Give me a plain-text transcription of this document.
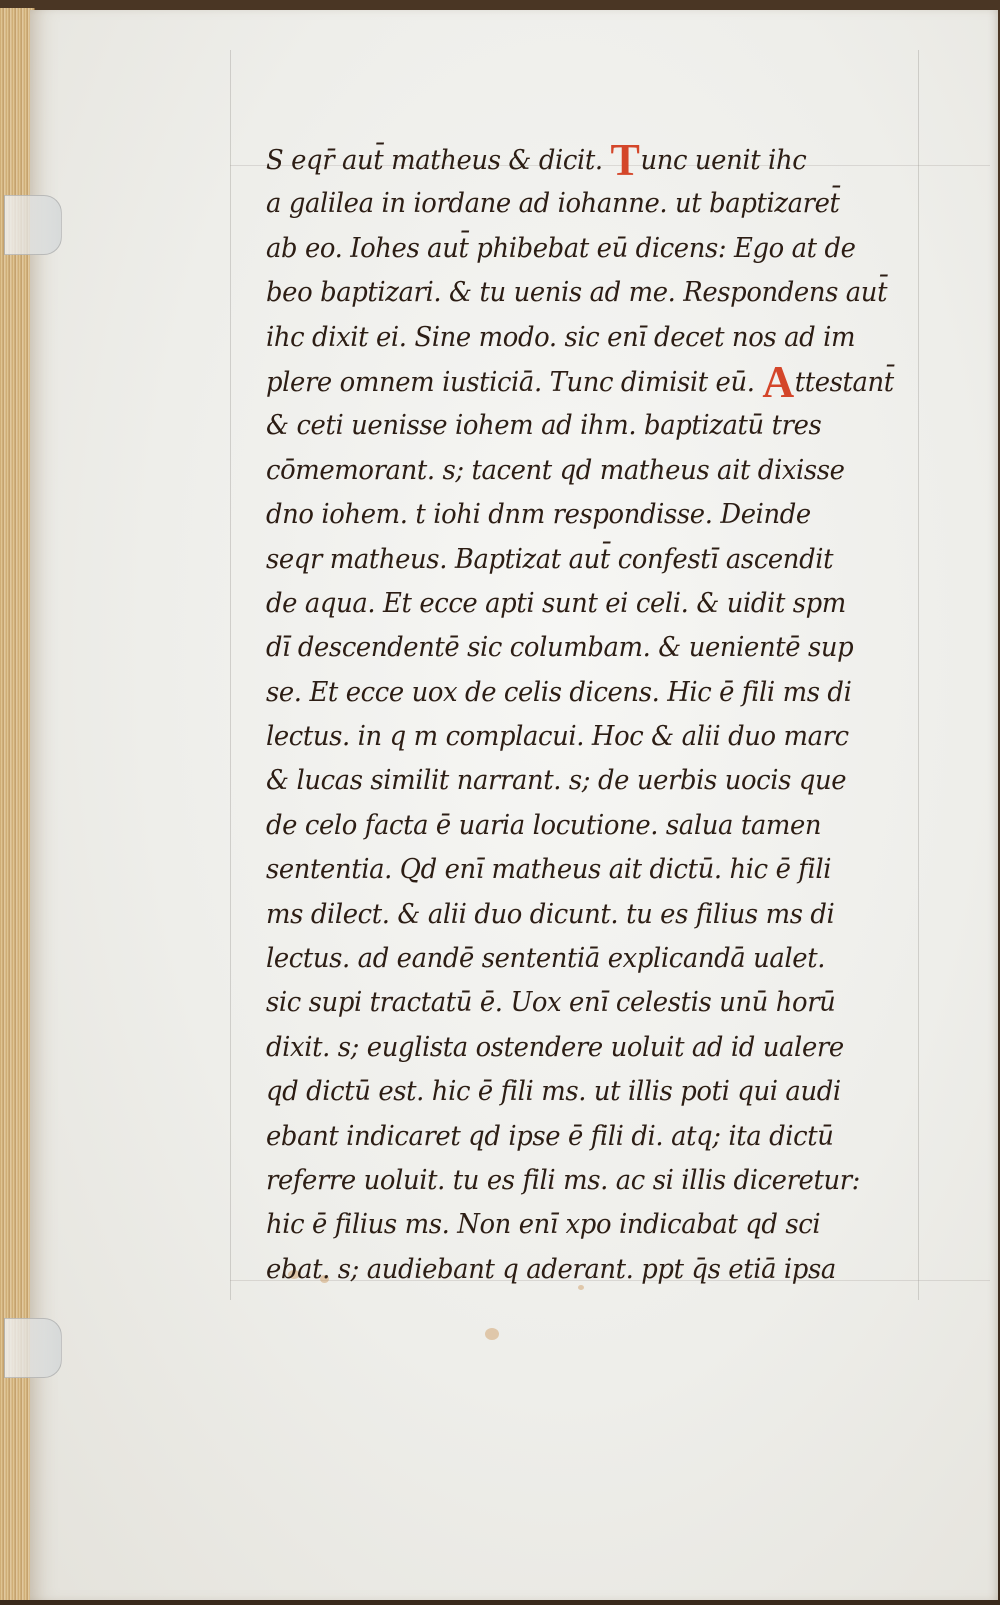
S eqr̄ aut̄ matheus & dicit. Tunc uenit ihc
a galilea in iordane ad iohanne. ut baptizaret̄
ab eo. Iohes aut̄ phibebat eū dicens: Ego at de
beo baptizari. & tu uenis ad me. Respondens aut̄
ihc dixit ei. Sine modo. sic enī decet nos ad im
plere omnem iusticiā. Tunc dimisit eū. Attestant̄
& ceti uenisse iohem ad ihm. baptizatū tres
cōmemorant. s; tacent qd matheus ait dixisse
dno iohem. t iohi dnm respondisse. Deinde
seqr matheus. Baptizat aut̄ confestī ascendit
de aqua. Et ecce apti sunt ei celi. & uidit spm
dī descendentē sic columbam. & uenientē sup
se. Et ecce uox de celis dicens. Hic ē fili ms di
lectus. in q m complacui. Hoc & alii duo marc
& lucas similit narrant. s; de uerbis uocis que
de celo facta ē uaria locutione. salua tamen
sententia. Qd enī matheus ait dictū. hic ē fili
ms dilect. & alii duo dicunt. tu es filius ms di
lectus. ad eandē sententiā explicandā ualet.
sic supi tractatū ē. Uox enī celestis unū horū
dixit. s; euglista ostendere uoluit ad id ualere
qd dictū est. hic ē fili ms. ut illis poti qui audi
ebant indicaret qd ipse ē fili di. atq; ita dictū
referre uoluit. tu es fili ms. ac si illis diceretur:
hic ē filius ms. Non enī xpo indicabat qd sci
ebat. s; audiebant q aderant. ppt q̄s etiā ipsa
